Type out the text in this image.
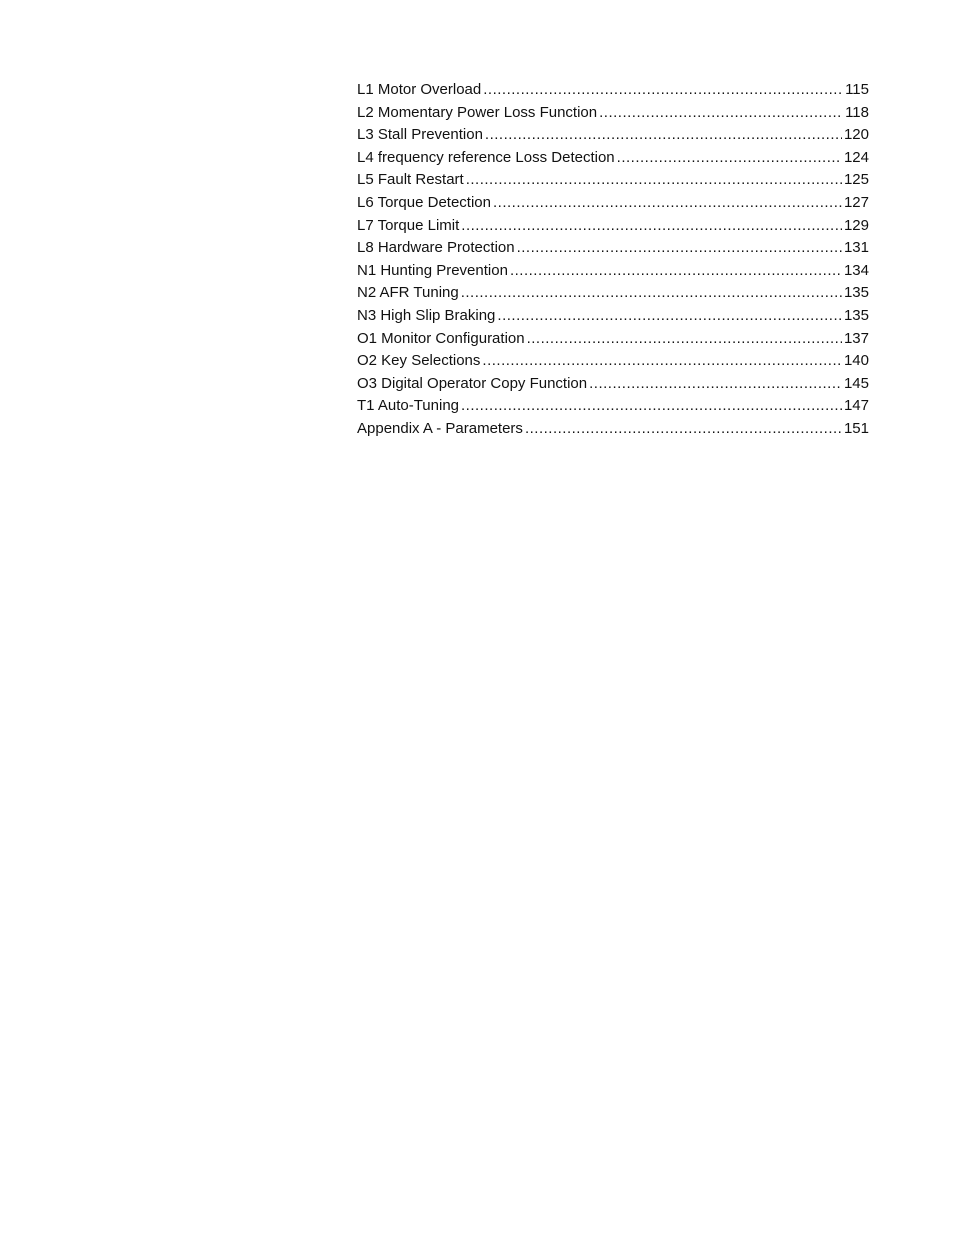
L1 Motor Overload .....	115
L2 Momentary Power Loss Function .....	118
L3 Stall Prevention .....	120
L4 frequency reference Loss Detection .....	124
L5 Fault Restart .....	125
L6 Torque Detection .....	127
L7 Torque Limit .....	129
L8 Hardware Protection .....	131
N1 Hunting Prevention .....	134
N2 AFR Tuning .....	135
N3 High Slip Braking .....	135
O1 Monitor Configuration .....	137
O2 Key Selections .....	140
O3 Digital Operator Copy Function .....	145
T1 Auto-Tuning .....	147
Appendix A - Parameters .....	151
